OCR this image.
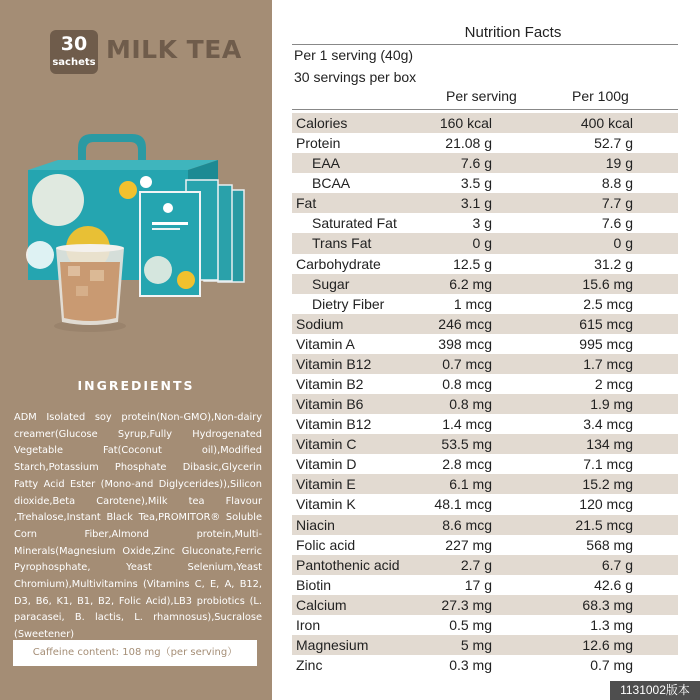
30
sachets MILK TEA
INGREDIENTS
ADM Isolated soy protein(Non-GMO),Non-dairy creamer(Glucose Syrup,Fully Hydrogenated Vegetable Fat(Coconut oil),Modified Starch,Potassium Phosphate Dibasic,Glycerin Fatty Acid Ester (Mono-and Diglycerides)),Silicon dioxide,Beta Carotene),Milk tea Flavour ,Trehalose,Instant Black Tea,PROMITOR® Soluble Corn Fiber,Almond protein,Multi-Minerals(Magnesium Oxide,Zinc Gluconate,Ferric Pyrophosphate, Yeast Selenium,Yeast Chromium),Multivitamins (Vitamins C, E, A, B12, D3, B6, K1, B1, B2, Folic Acid),LB3 probiotics (L. paracasei, B. lactis, L. rhamnosus),Sucralose (Sweetener)
Caffeine content: 108 mg（per serving）
Nutrition Facts
Per 1 serving (40g)
30 servings per box
Per serving	Per 100g
Calories	160 kcal	400 kcal
Protein	21.08 g	52.7 g
EAA	7.6 g	19 g
BCAA	3.5 g	8.8 g
Fat	3.1 g	7.7 g
Saturated Fat	3 g	7.6 g
Trans Fat	0 g	0 g
Carbohydrate	12.5 g	31.2 g
Sugar	6.2 mg	15.6 mg
Dietry Fiber	1 mcg	2.5 mcg
Sodium	246 mcg	615 mcg
Vitamin A	398 mcg	995 mcg
Vitamin B12	0.7 mcg	1.7 mcg
Vitamin B2	0.8 mcg	2 mcg
Vitamin B6	0.8 mg	1.9 mg
Vitamin B12	1.4 mcg	3.4 mcg
Vitamin C	53.5 mg	134 mg
Vitamin D	2.8 mcg	7.1 mcg
Vitamin E	6.1 mg	15.2 mg
Vitamin K	48.1 mcg	120 mcg
Niacin	8.6 mcg	21.5 mcg
Folic acid	227 mg	568 mg
Pantothenic acid	2.7 g	6.7 g
Biotin	17 g	42.6 g
Calcium	27.3 mg	68.3 mg
Iron	0.5 mg	1.3 mg
Magnesium	5 mg	12.6 mg
Zinc	0.3 mg	0.7 mg
1131002版本
